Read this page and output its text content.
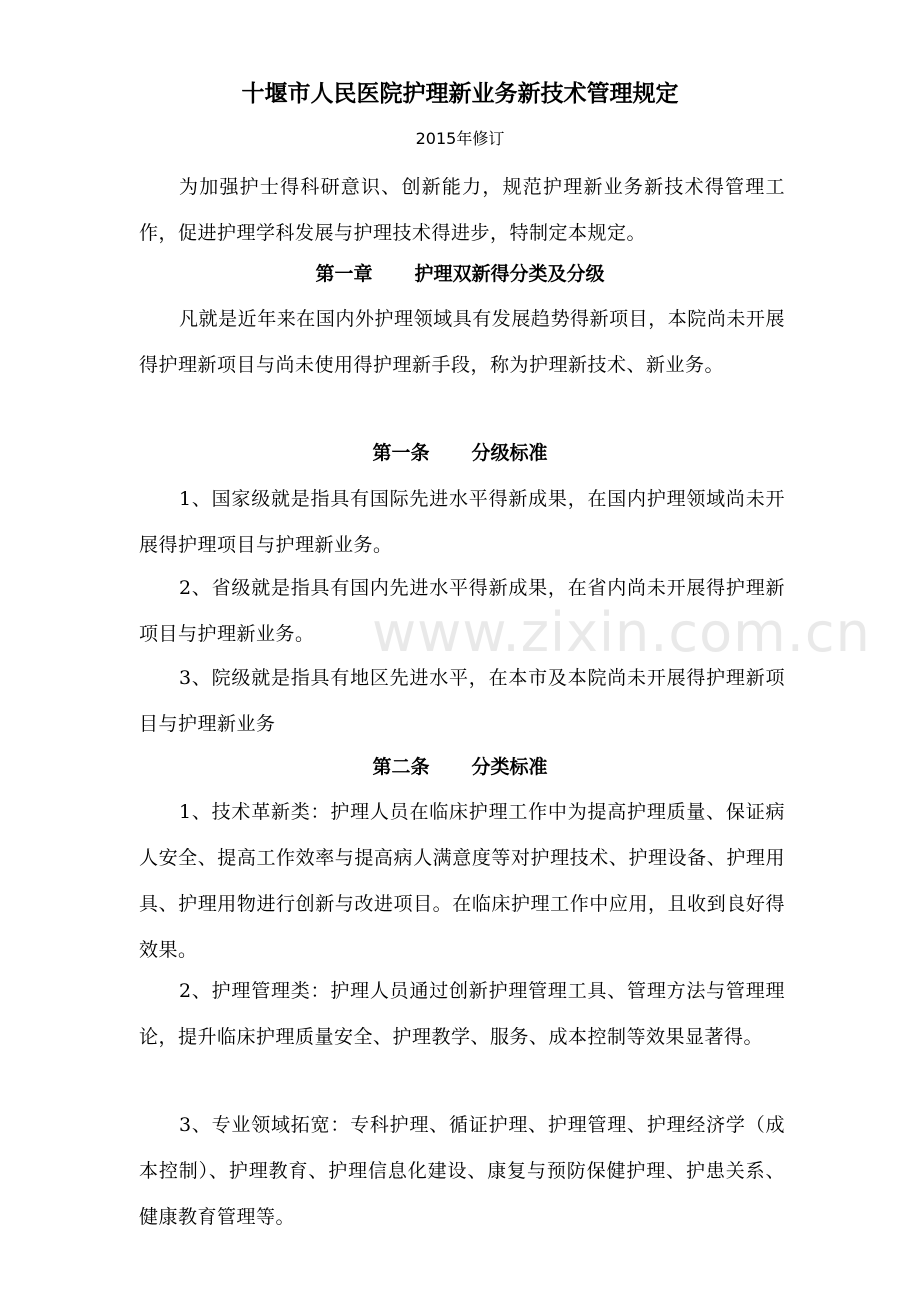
十堰市人民医院护理新业务新技术管理规定
2015年修订

为加强护士得科研意识、创新能力，规范护理新业务新技术得管理工作，促进护理学科发展与护理技术得进步，特制定本规定。

第一章 护理双新得分类及分级

凡就是近年来在国内外护理领域具有发展趋势得新项目，本院尚未开展得护理新项目与尚未使用得护理新手段，称为护理新技术、新业务。

第一条 分级标准

1、国家级就是指具有国际先进水平得新成果，在国内护理领域尚未开展得护理项目与护理新业务。

2、省级就是指具有国内先进水平得新成果，在省内尚未开展得护理新项目与护理新业务。

3、院级就是指具有地区先进水平，在本市及本院尚未开展得护理新项目与护理新业务

第二条 分类标准

1、技术革新类：护理人员在临床护理工作中为提高护理质量、保证病人安全、提高工作效率与提高病人满意度等对护理技术、护理设备、护理用具、护理用物进行创新与改进项目。在临床护理工作中应用，且收到良好得效果。

2、护理管理类：护理人员通过创新护理管理工具、管理方法与管理理论，提升临床护理质量安全、护理教学、服务、成本控制等效果显著得。

3、专业领域拓宽：专科护理、循证护理、护理管理、护理经济学（成本控制）、护理教育、护理信息化建设、康复与预防保健护理、护患关系、健康教育管理等。

www.zixin.com.cn
